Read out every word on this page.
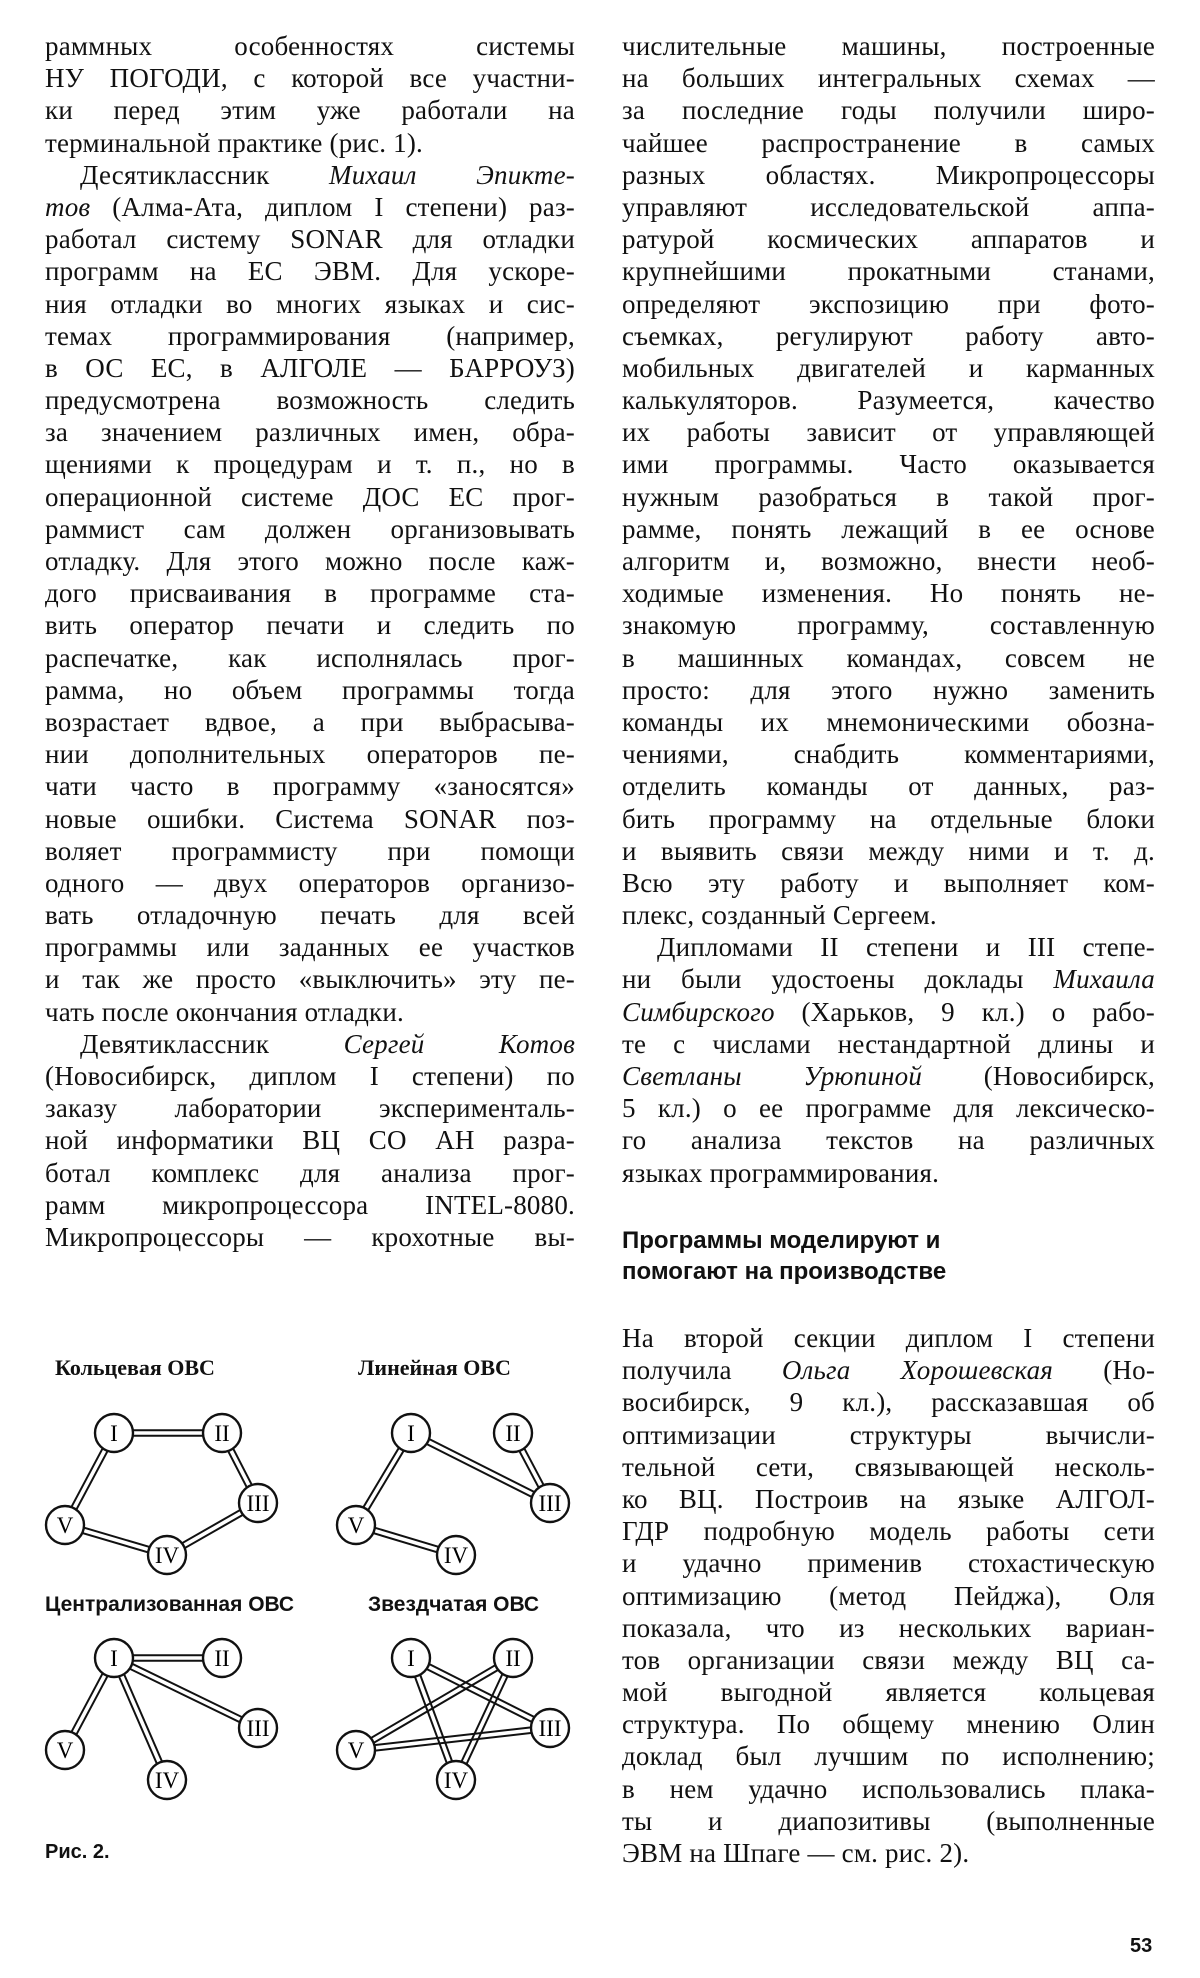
раммных особенностях системы
НУ ПОГОДИ, с которой все участни-
ки перед этим уже работали на
терминальной практике (рис. 1).
Десятиклассник Михаил Эпикте-
тов (Алма-Ата, диплом I степени) раз-
работал систему SONAR для отладки
программ на ЕС ЭВМ. Для ускоре-
ния отладки во многих языках и сис-
темах программирования (например,
в ОС ЕС, в АЛГОЛЕ — БАРРОУЗ)
предусмотрена возможность следить
за значением различных имен, обра-
щениями к процедурам и т. п., но в
операционной системе ДОС ЕС прог-
раммист сам должен организовывать
отладку. Для этого можно после каж-
дого присваивания в программе ста-
вить оператор печати и следить по
распечатке, как исполнялась прог-
рамма, но объем программы тогда
возрастает вдвое, а при выбрасыва-
нии дополнительных операторов пе-
чати часто в программу «заносятся»
новые ошибки. Система SONAR поз-
воляет программисту при помощи
одного — двух операторов организо-
вать отладочную печать для всей
программы или заданных ее участков
и так же просто «выключить» эту пе-
чать после окончания отладки.
Девятиклассник Сергей Котов
(Новосибирск, диплом I степени) по
заказу лаборатории эксперименталь-
ной информатики ВЦ СО АН разра-
ботал комплекс для анализа прог-
рамм микропроцессора INTEL-8080.
Микропроцессоры — крохотные вы-
числительные машины, построенные
на больших интегральных схемах —
за последние годы получили широ-
чайшее распространение в самых
разных областях. Микропроцессоры
управляют исследовательской аппа-
ратурой космических аппаратов и
крупнейшими прокатными станами,
определяют экспозицию при фото-
съемках, регулируют работу авто-
мобильных двигателей и карманных
калькуляторов. Разумеется, качество
их работы зависит от управляющей
ими программы. Часто оказывается
нужным разобраться в такой прог-
рамме, понять лежащий в ее основе
алгоритм и, возможно, внести необ-
ходимые изменения. Но понять не-
знакомую программу, составленную
в машинных командах, совсем не
просто: для этого нужно заменить
команды их мнемоническими обозна-
чениями, снабдить комментариями,
отделить команды от данных, раз-
бить программу на отдельные блоки
и выявить связи между ними и т. д.
Всю эту работу и выполняет ком-
плекс, созданный Сергеем.
Дипломами II степени и III степе-
ни были удостоены доклады Михаила
Симбирского (Харьков, 9 кл.) о рабо-
те с числами нестандартной длины и
Светланы Урюпиной (Новосибирск,
5 кл.) о ее программе для лексическо-
го анализа текстов на различных
языках программирования.
Программы моделируют и
помогают на производстве
На второй секции диплом I степени
получила Ольга Хорошевская (Но-
восибирск, 9 кл.), рассказавшая об
оптимизации структуры вычисли-
тельной сети, связывающей несколь-
ко ВЦ. Построив на языке АЛГОЛ-
ГДР подробную модель работы сети
и удачно применив стохастическую
оптимизацию (метод Пейджа), Оля
показала, что из нескольких вариан-
тов организации связи между ВЦ са-
мой выгодной является кольцевая
структура. По общему мнению Олин
доклад был лучшим по исполнению;
в нем удачно использовались плака-
ты и диапозитивы (выполненные
ЭВМ на Шпаге — см. рис. 2).
Кольцевая ОВС	Линейная ОВС
Централизованная ОВС	Звездчатая ОВС
I	II
III
IV
V
I	II
III
IV
V
I	II
III
IV
V
I	II
III
IV
V
Рис. 2.
53
